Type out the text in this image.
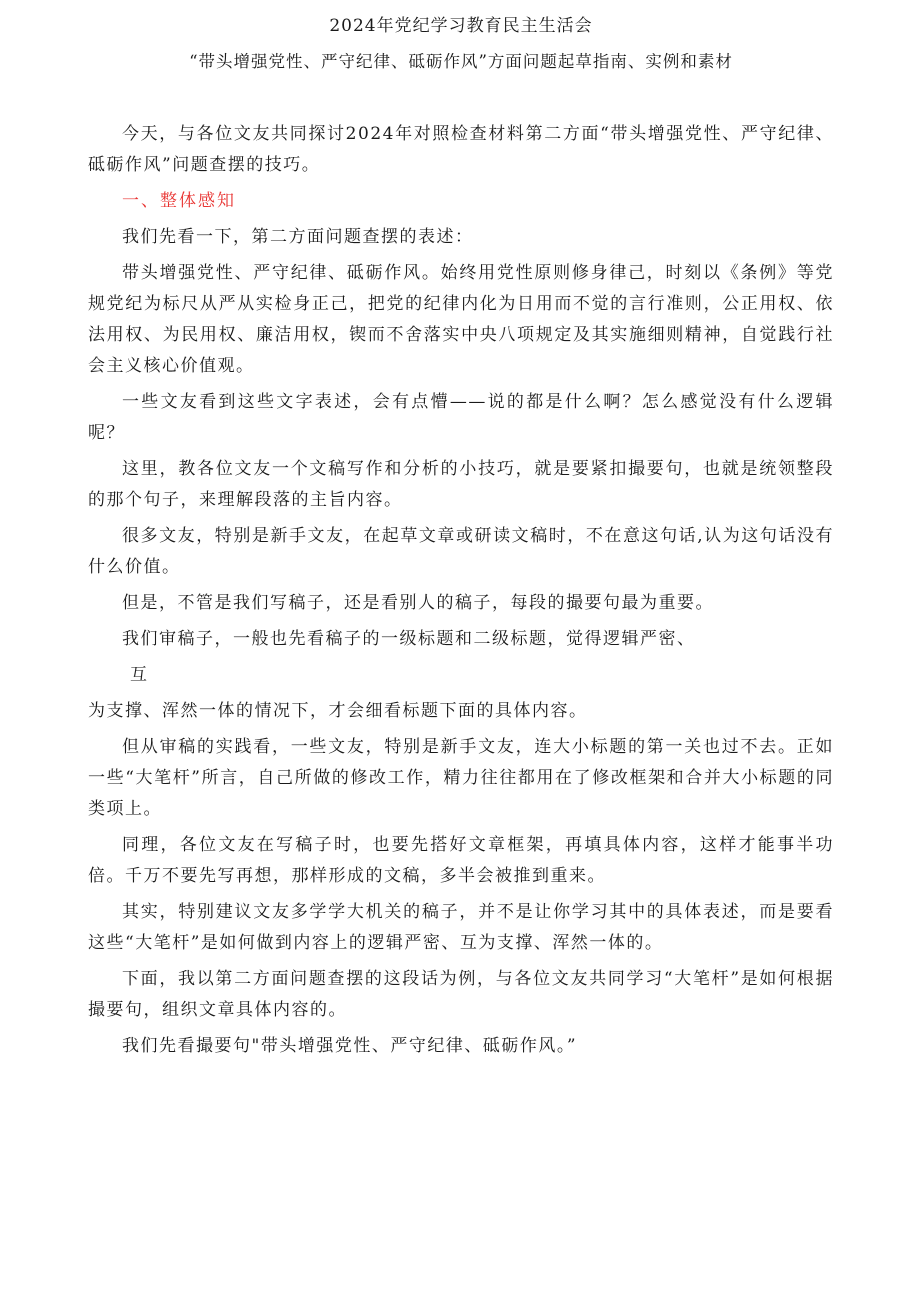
2024年党纪学习教育民主生活会
“带头增强党性、严守纪律、砥砺作风”方面问题起草指南、实例和素材

今天，与各位文友共同探讨2024年对照检查材料第二方面“带头增强党性、严守纪律、砥砺作风”问题查摆的技巧。

一、整体感知

我们先看一下，第二方面问题查摆的表述：

带头增强党性、严守纪律、砥砺作风。始终用党性原则修身律己，时刻以《条例》等党规党纪为标尺从严从实检身正己，把党的纪律内化为日用而不觉的言行准则，公正用权、依法用权、为民用权、廉洁用权，锲而不舍落实中央八项规定及其实施细则精神，自觉践行社会主义核心价值观。

一些文友看到这些文字表述，会有点懵——说的都是什么啊？怎么感觉没有什么逻辑呢？

这里，教各位文友一个文稿写作和分析的小技巧，就是要紧扣撮要句，也就是统领整段的那个句子，来理解段落的主旨内容。

很多文友，特别是新手文友，在起草文章或研读文稿时，不在意这句话,认为这句话没有什么价值。

但是，不管是我们写稿子，还是看别人的稿子，每段的撮要句最为重要。

我们审稿子，一般也先看稿子的一级标题和二级标题，觉得逻辑严密、

互

为支撑、浑然一体的情况下，才会细看标题下面的具体内容。

但从审稿的实践看，一些文友，特别是新手文友，连大小标题的第一关也过不去。正如一些“大笔杆”所言，自己所做的修改工作，精力往往都用在了修改框架和合并大小标题的同类项上。

同理，各位文友在写稿子时，也要先搭好文章框架，再填具体内容，这样才能事半功倍。千万不要先写再想，那样形成的文稿，多半会被推到重来。

其实，特别建议文友多学学大机关的稿子，并不是让你学习其中的具体表述，而是要看这些“大笔杆”是如何做到内容上的逻辑严密、互为支撑、浑然一体的。

下面，我以第二方面问题查摆的这段话为例，与各位文友共同学习“大笔杆”是如何根据撮要句，组织文章具体内容的。

我们先看撮要句"带头增强党性、严守纪律、砥砺作风。”
